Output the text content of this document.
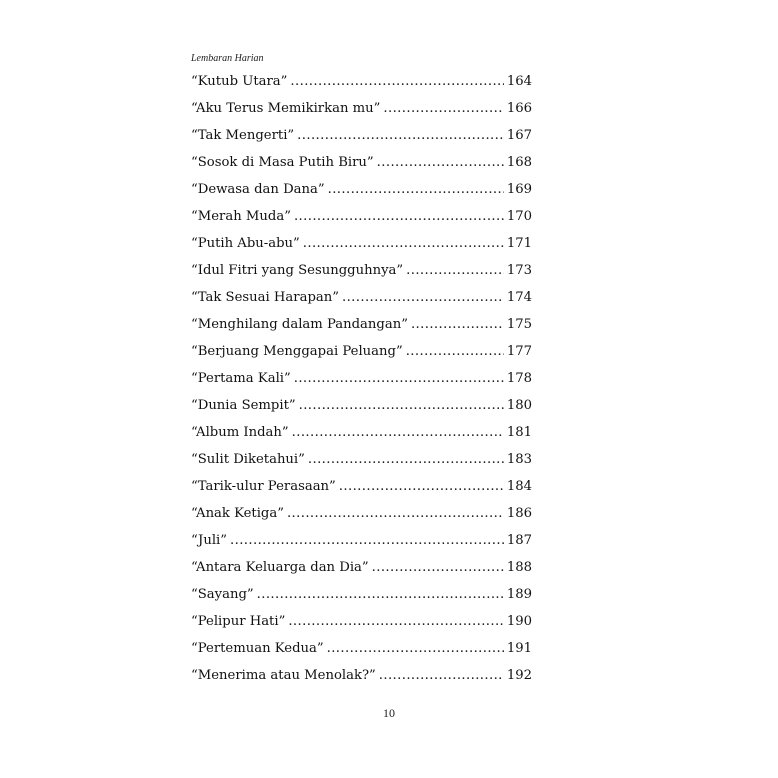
Lembaran Harian
“Kutub Utara” .....	164
“Aku Terus Memikirkan mu” .....	166
“Tak Mengerti” .....	167
“Sosok di Masa Putih Biru” .....	168
“Dewasa dan Dana” .....	169
“Merah Muda” .....	170
“Putih Abu-abu” .....	171
“Idul Fitri yang Sesungguhnya” .....	173
“Tak Sesuai Harapan” .....	174
“Menghilang dalam Pandangan” .....	175
“Berjuang Menggapai Peluang” .....	177
“Pertama Kali” .....	178
“Dunia Sempit” .....	180
“Album Indah” .....	181
“Sulit Diketahui” .....	183
“Tarik-ulur Perasaan” .....	184
“Anak Ketiga” .....	186
“Juli” .....	187
“Antara Keluarga dan Dia” .....	188
“Sayang” .....	189
“Pelipur Hati” .....	190
“Pertemuan Kedua” .....	191
“Menerima atau Menolak?” .....	192
10
